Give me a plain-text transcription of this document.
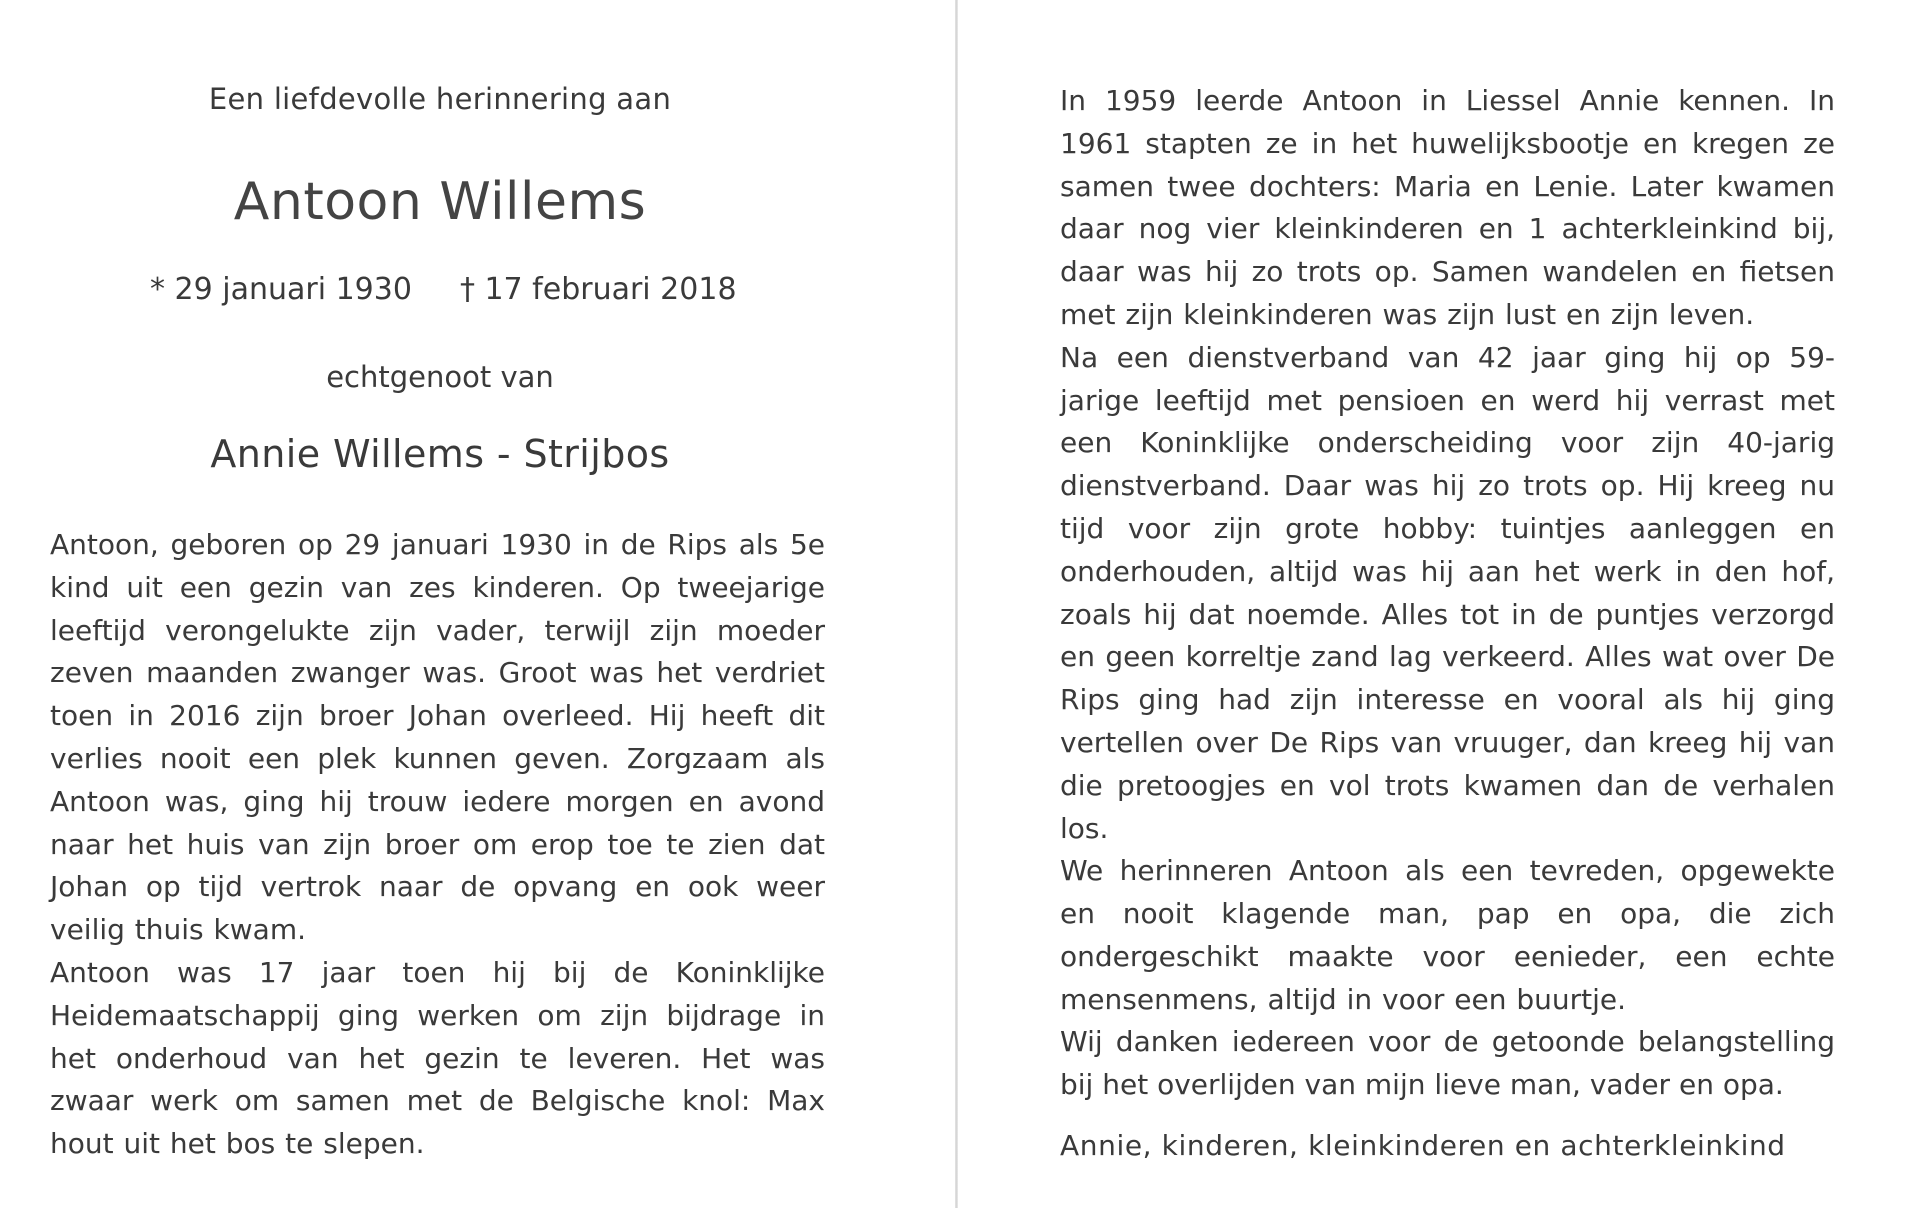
Een liefdevolle herinnering aan
Antoon Willems
* 29 januari 1930 † 17 februari 2018
echtgenoot van
Annie Willems - Strijbos

Antoon, geboren op 29 januari 1930 in de Rips als 5e kind uit een gezin van zes kinderen. Op tweejarige leeftijd verongelukte zijn vader, terwijl zijn moeder zeven maanden zwanger was. Groot was het verdriet toen in 2016 zijn broer Johan overleed. Hij heeft dit verlies nooit een plek kunnen geven. Zorgzaam als Antoon was, ging hij trouw iedere morgen en avond naar het huis van zijn broer om erop toe te zien dat Johan op tijd vertrok naar de opvang en ook weer veilig thuis kwam.

Antoon was 17 jaar toen hij bij de Koninklijke Heidemaatschappij ging werken om zijn bijdrage in het onderhoud van het gezin te leveren. Het was zwaar werk om samen met de Belgische knol: Max hout uit het bos te slepen.

In 1959 leerde Antoon in Liessel Annie kennen. In 1961 stapten ze in het huwelijksbootje en kregen ze samen twee dochters: Maria en Lenie. Later kwamen daar nog vier kleinkinderen en 1 achterkleinkind bij, daar was hij zo trots op. Samen wandelen en fietsen met zijn kleinkinderen was zijn lust en zijn leven.

Na een dienstverband van 42 jaar ging hij op 59-jarige leeftijd met pensioen en werd hij verrast met een Koninklijke onderscheiding voor zijn 40-jarig dienstverband. Daar was hij zo trots op. Hij kreeg nu tijd voor zijn grote hobby: tuintjes aanleggen en onderhouden, altijd was hij aan het werk in den hof, zoals hij dat noemde. Alles tot in de puntjes verzorgd en geen korreltje zand lag verkeerd. Alles wat over De Rips ging had zijn interesse en vooral als hij ging vertellen over De Rips van vruuger, dan kreeg hij van die pretoogjes en vol trots kwamen dan de verhalen los.

We herinneren Antoon als een tevreden, opgewekte en nooit klagende man, pap en opa, die zich ondergeschikt maakte voor eenieder, een echte mensenmens, altijd in voor een buurtje.

Wij danken iedereen voor de getoonde belangstelling bij het overlijden van mijn lieve man, vader en opa.
Annie, kinderen, kleinkinderen en achterkleinkind
